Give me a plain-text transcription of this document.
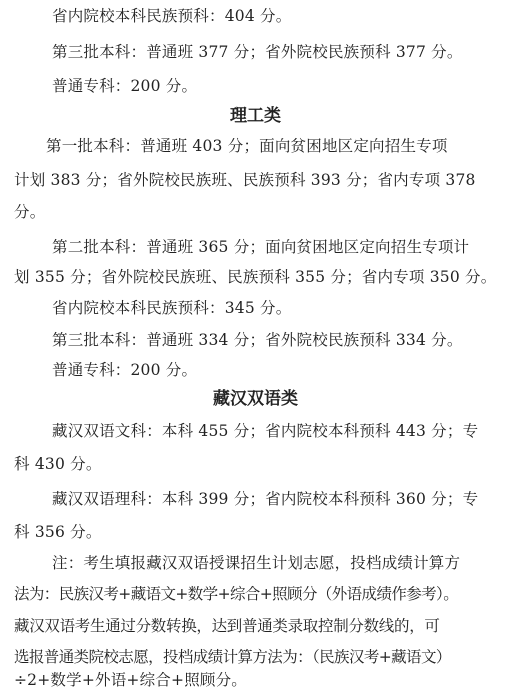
省内院校本科民族预科：404 分。
第三批本科：普通班 377 分；省外院校民族预科 377 分。
普通专科：200 分。
理工类
第一批本科：普通班 403 分；面向贫困地区定向招生专项
计划 383 分；省外院校民族班、民族预科 393 分；省内专项 378
分。
第二批本科：普通班 365 分；面向贫困地区定向招生专项计
划 355 分；省外院校民族班、民族预科 355 分；省内专项 350 分。
省内院校本科民族预科：345 分。
第三批本科：普通班 334 分；省外院校民族预科 334 分。
普通专科：200 分。
藏汉双语类
藏汉双语文科：本科 455 分；省内院校本科预科 443 分；专
科 430 分。
藏汉双语理科：本科 399 分；省内院校本科预科 360 分；专
科 356 分。
注：考生填报藏汉双语授课招生计划志愿，投档成绩计算方
法为：民族汉考+藏语文+数学+综合+照顾分（外语成绩作参考）。
藏汉双语考生通过分数转换，达到普通类录取控制分数线的，可
选报普通类院校志愿，投档成绩计算方法为：（民族汉考+藏语文）
÷2+数学+外语+综合+照顾分。
